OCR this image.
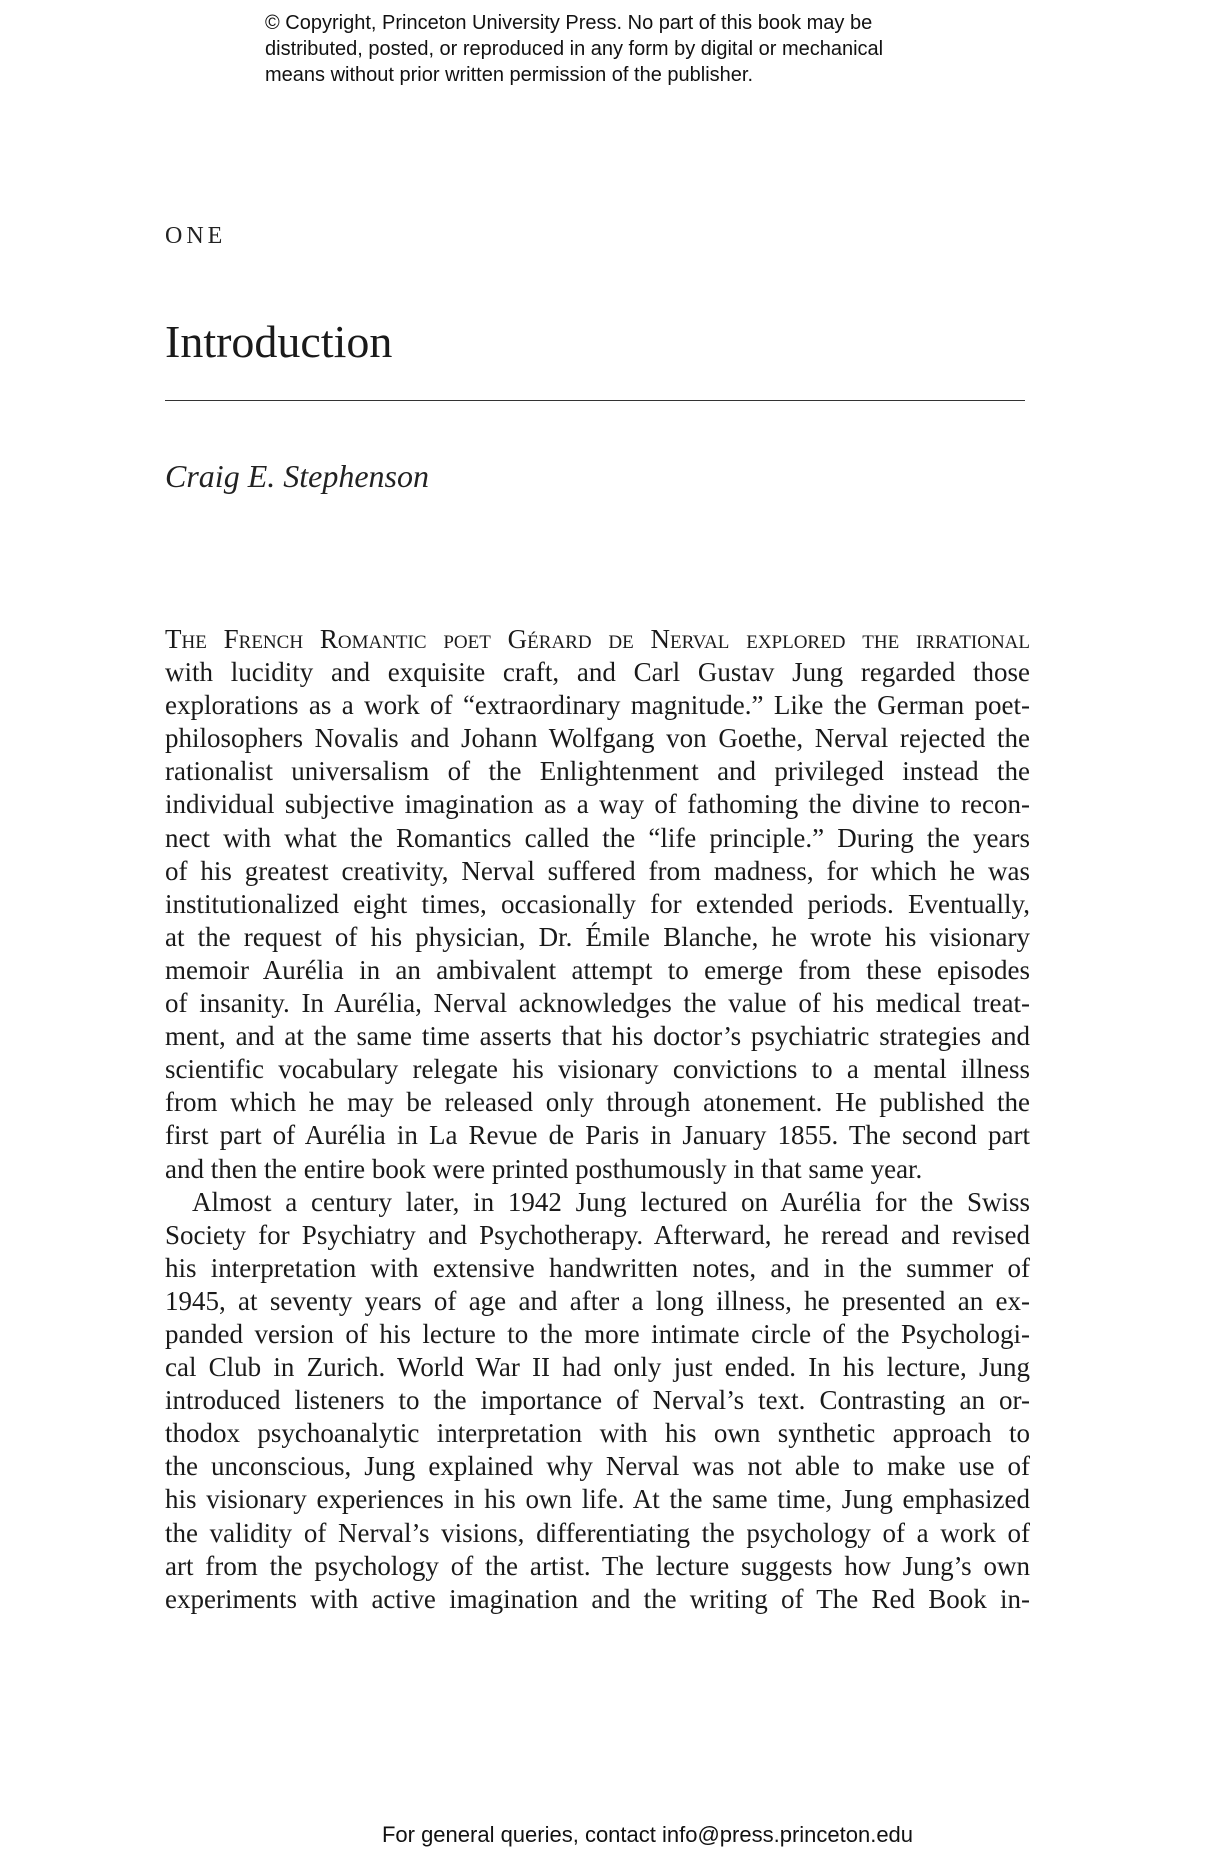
© Copyright, Princeton University Press. No part of this book may be
distributed, posted, or reproduced in any form by digital or mechanical
means without prior written permission of the publisher.
ONE
Introduction
Craig E. Stephenson
The French Romantic poet Gérard de Nerval explored the irrational
with lucidity and exquisite craft, and Carl Gustav Jung regarded those
explorations as a work of “extraordinary magnitude.” Like the German poet-
philosophers Novalis and Johann Wolfgang von Goethe, Nerval rejected the
rationalist universalism of the Enlightenment and privileged instead the
individual subjective imagination as a way of fathoming the divine to recon-
nect with what the Romantics called the “life principle.” During the years
of his greatest creativity, Nerval suffered from madness, for which he was
institutionalized eight times, occasionally for extended periods. Eventually,
at the request of his physician, Dr. Émile Blanche, he wrote his visionary
memoir Aurélia in an ambivalent attempt to emerge from these episodes
of insanity. In Aurélia, Nerval acknowledges the value of his medical treat-
ment, and at the same time asserts that his doctor’s psychiatric strategies and
scientific vocabulary relegate his visionary convictions to a mental illness
from which he may be released only through atonement. He published the
first part of Aurélia in La Revue de Paris in January 1855. The second part
and then the entire book were printed posthumously in that same year.
Almost a century later, in 1942 Jung lectured on Aurélia for the Swiss
Society for Psychiatry and Psychotherapy. Afterward, he reread and revised
his interpretation with extensive handwritten notes, and in the summer of
1945, at seventy years of age and after a long illness, he presented an ex-
panded version of his lecture to the more intimate circle of the Psychologi-
cal Club in Zurich. World War II had only just ended. In his lecture, Jung
introduced listeners to the importance of Nerval’s text. Contrasting an or-
thodox psychoanalytic interpretation with his own synthetic approach to
the unconscious, Jung explained why Nerval was not able to make use of
his visionary experiences in his own life. At the same time, Jung emphasized
the validity of Nerval’s visions, differentiating the psychology of a work of
art from the psychology of the artist. The lecture suggests how Jung’s own
experiments with active imagination and the writing of The Red Book in-
For general queries, contact info@press.princeton.edu
